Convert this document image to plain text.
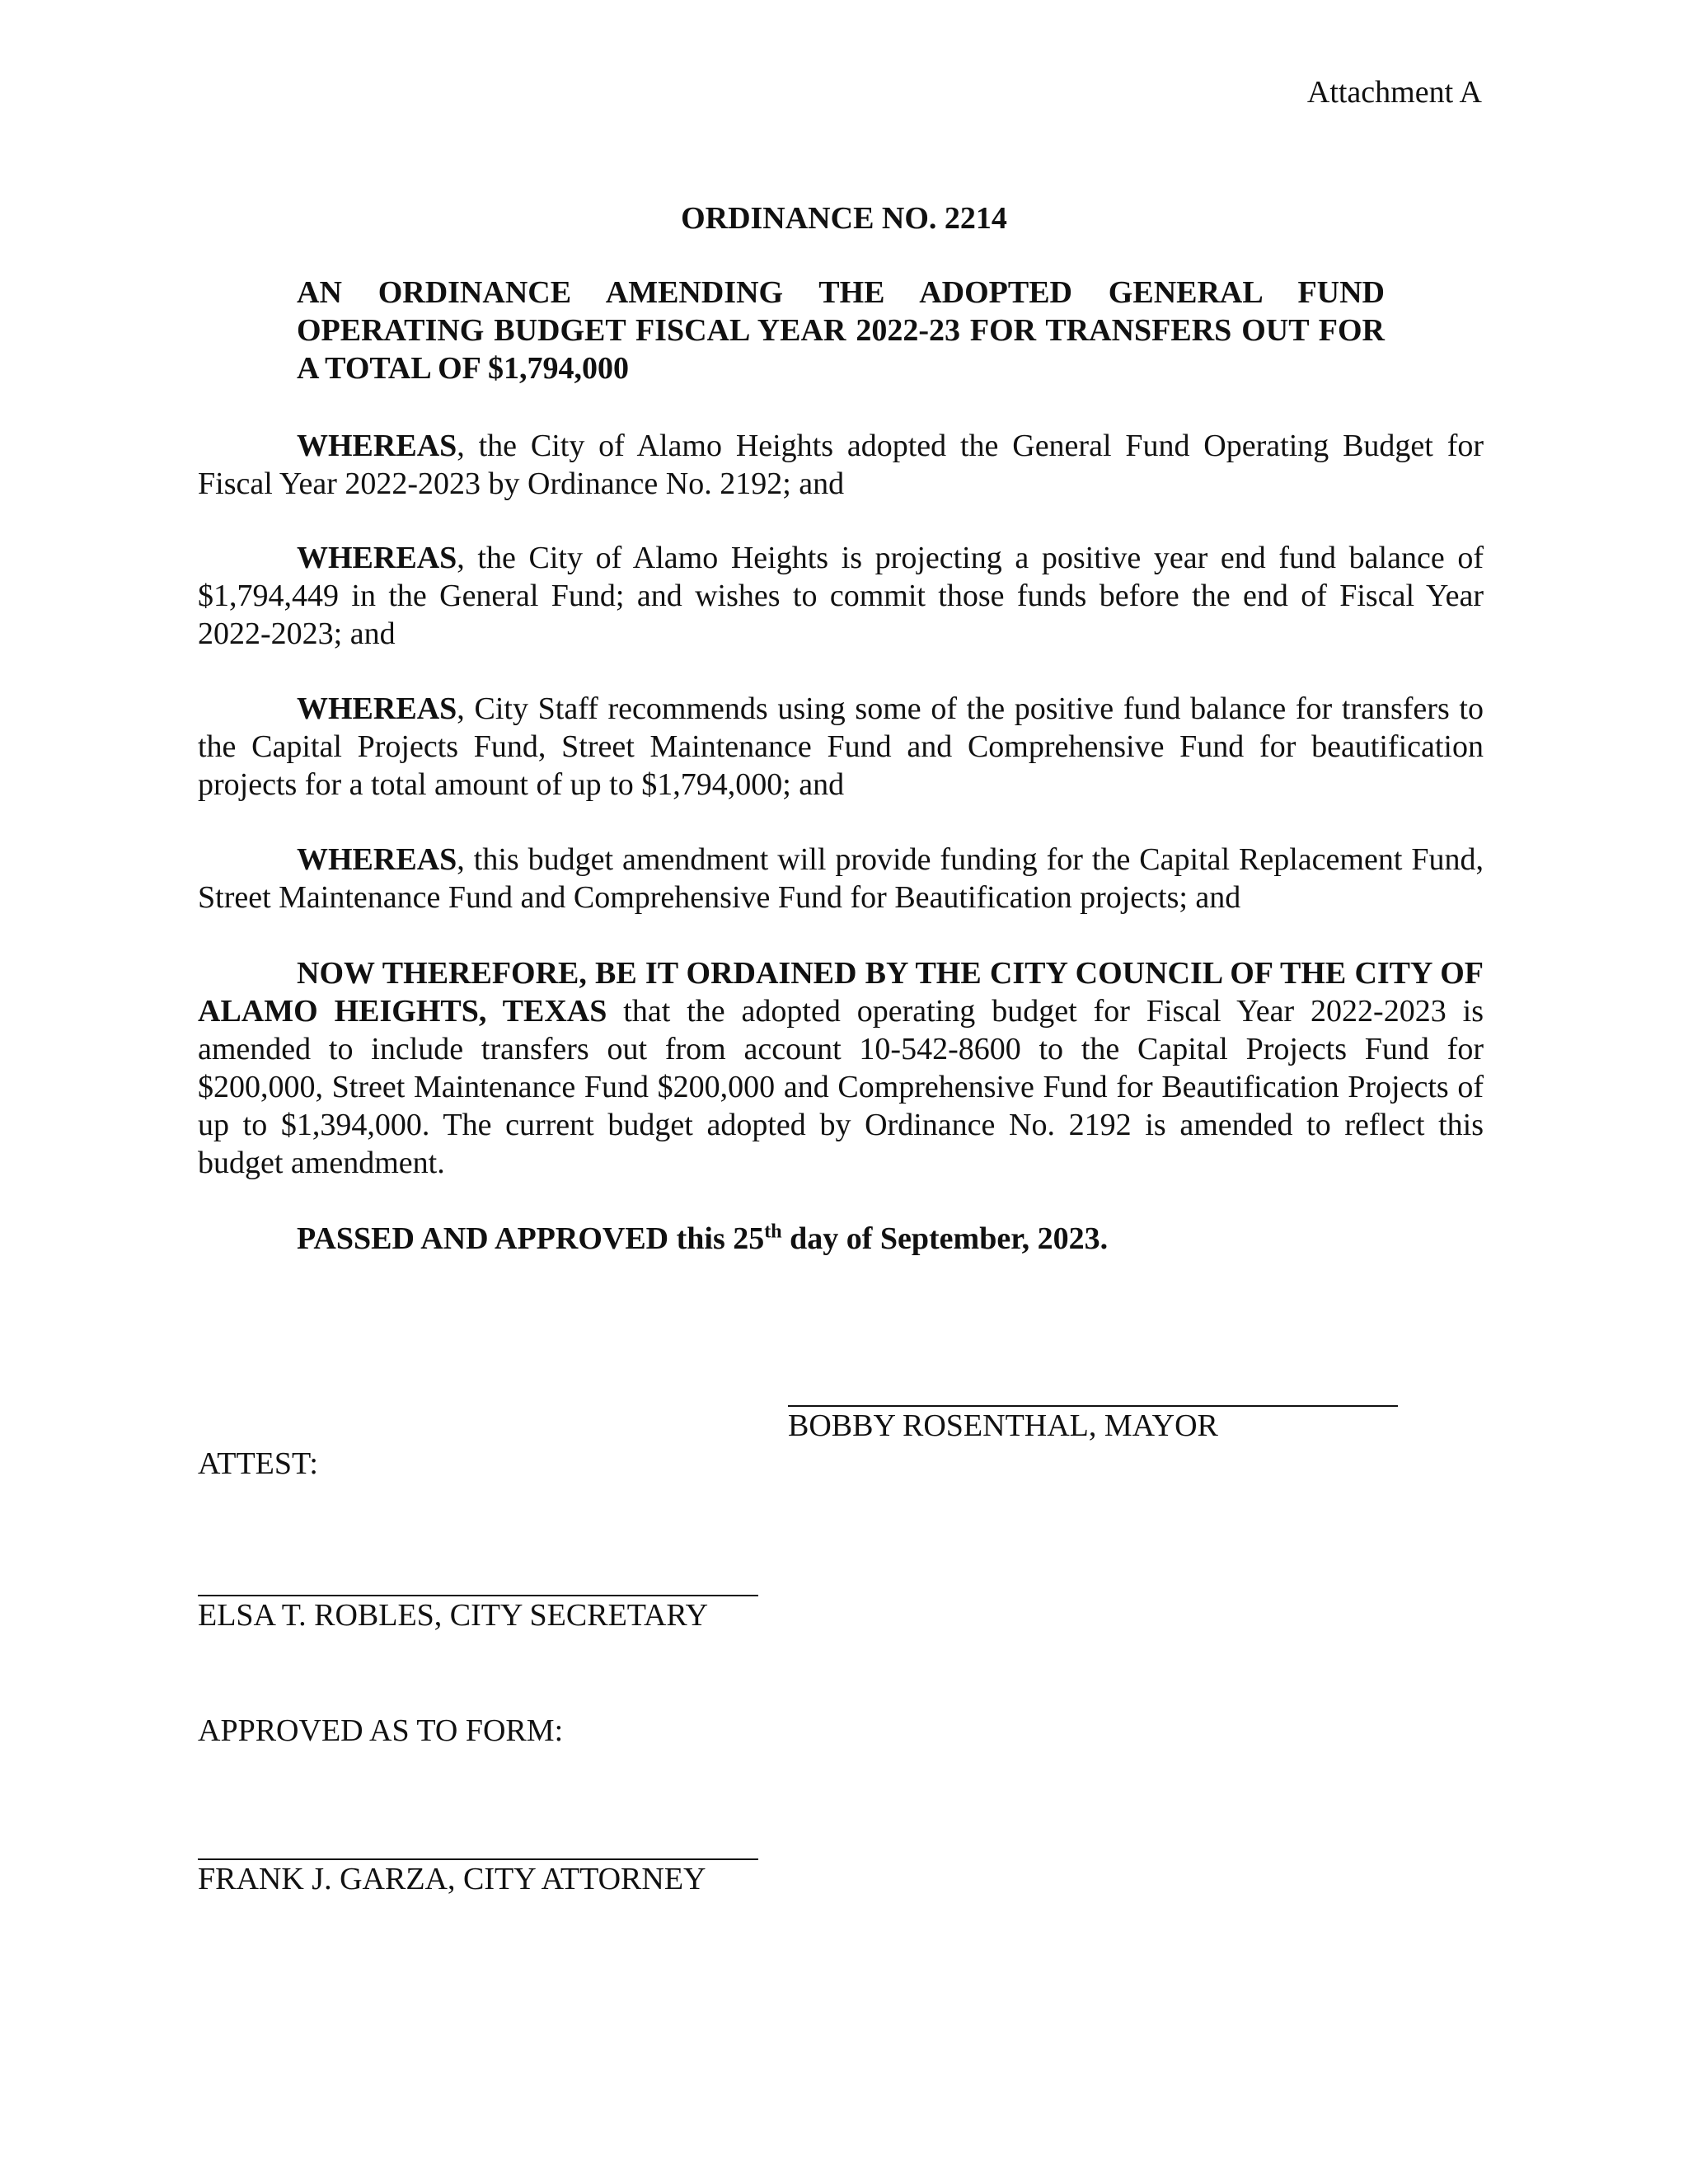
Attachment A
ORDINANCE NO. 2214
AN ORDINANCE AMENDING THE ADOPTED GENERAL FUND OPERATING BUDGET FISCAL YEAR 2022-23 FOR TRANSFERS OUT FOR A TOTAL OF $1,794,000
WHEREAS, the City of Alamo Heights adopted the General Fund Operating Budget for Fiscal Year 2022-2023 by Ordinance No. 2192; and
WHEREAS, the City of Alamo Heights is projecting a positive year end fund balance of $1,794,449 in the General Fund; and wishes to commit those funds before the end of Fiscal Year 2022-2023; and
WHEREAS, City Staff recommends using some of the positive fund balance for transfers to the Capital Projects Fund, Street Maintenance Fund and Comprehensive Fund for beautification projects for a total amount of up to $1,794,000; and
WHEREAS, this budget amendment will provide funding for the Capital Replacement Fund, Street Maintenance Fund and Comprehensive Fund for Beautification projects; and
NOW THEREFORE, BE IT ORDAINED BY THE CITY COUNCIL OF THE CITY OF ALAMO HEIGHTS, TEXAS that the adopted operating budget for Fiscal Year 2022-2023 is amended to include transfers out from account 10-542-8600 to the Capital Projects Fund for $200,000, Street Maintenance Fund $200,000 and Comprehensive Fund for Beautification Projects of up to $1,394,000. The current budget adopted by Ordinance No. 2192 is amended to reflect this budget amendment.
PASSED AND APPROVED this 25th day of September, 2023.
BOBBY ROSENTHAL, MAYOR
ATTEST:
ELSA T. ROBLES, CITY SECRETARY
APPROVED AS TO FORM:
FRANK J. GARZA, CITY ATTORNEY
